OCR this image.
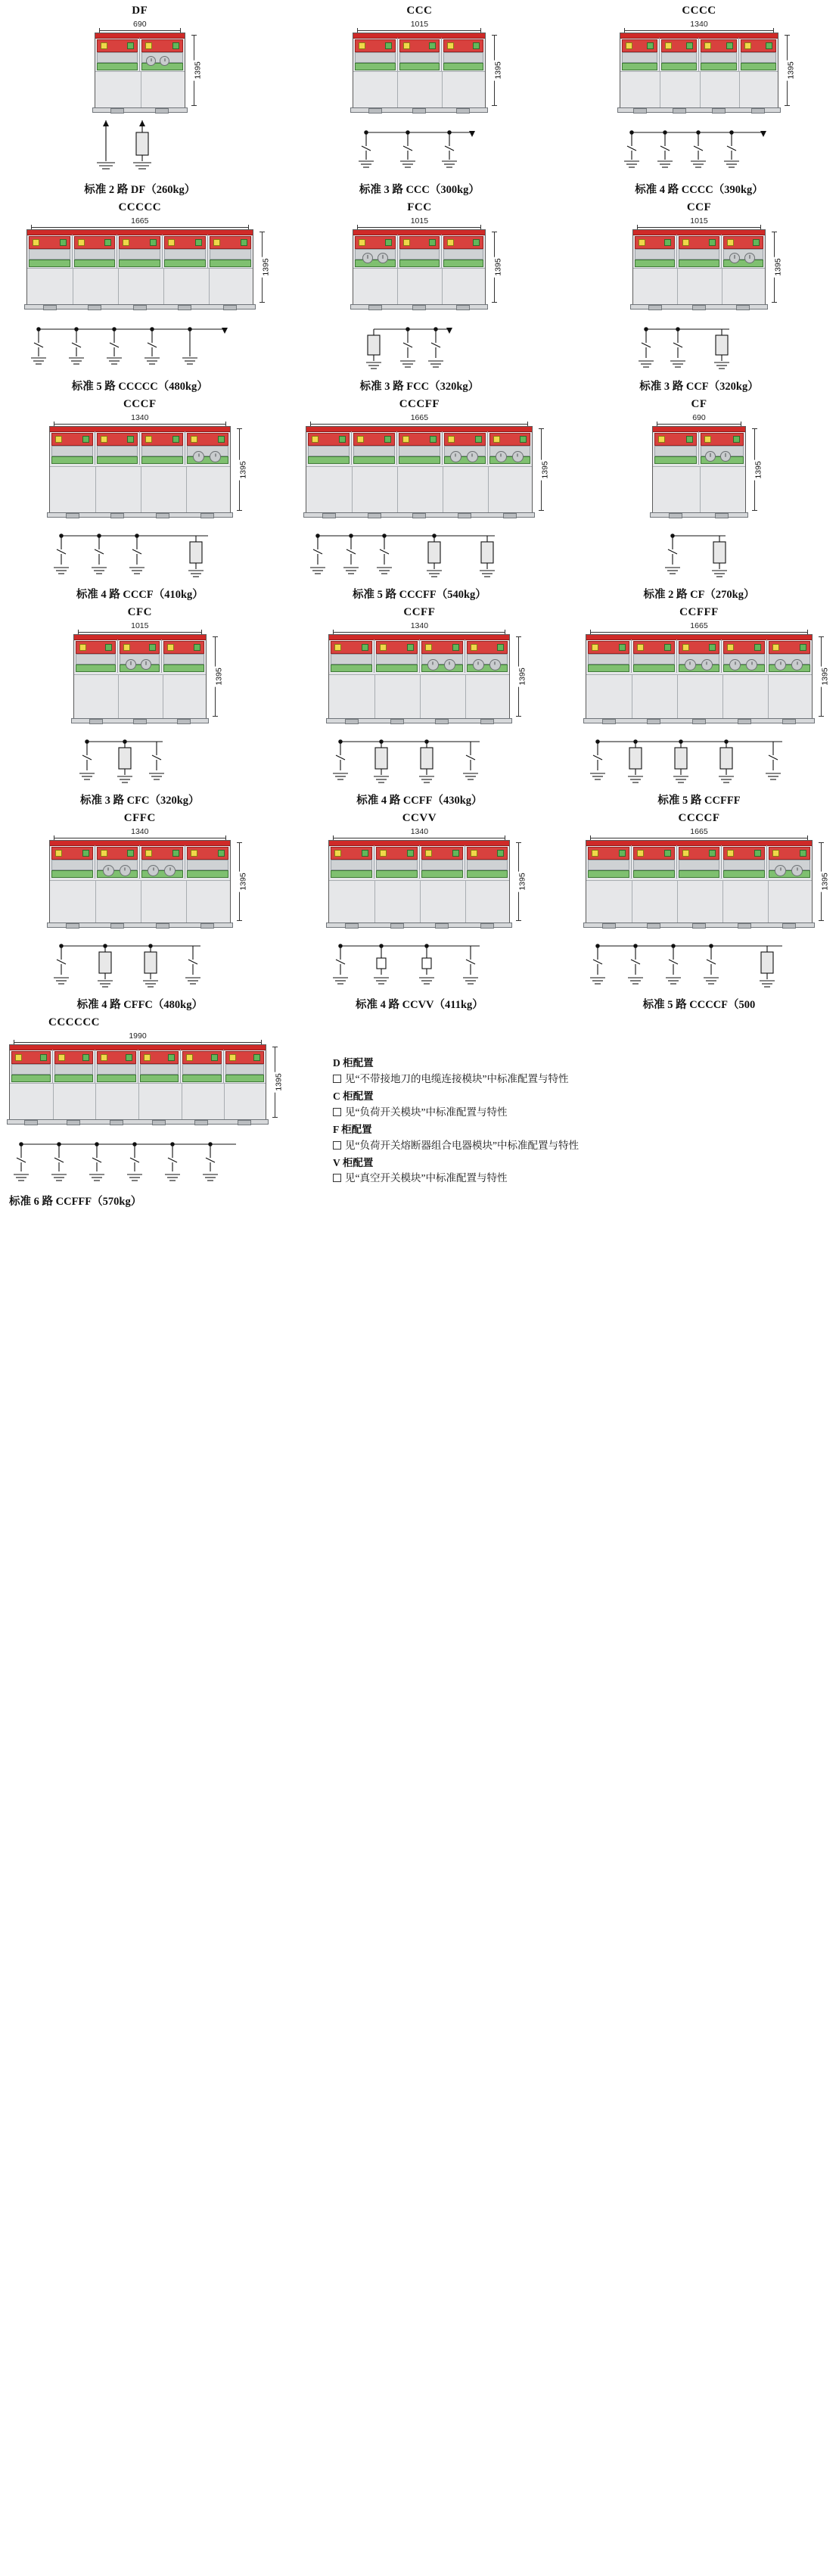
DF
690
1395
标准 2 路 DF（260kg）
CCC
1015
1395
标准 3 路 CCC（300kg）
CCCC
1340
1395
标准 4 路 CCCC（390kg）
CCCCC
1665
1395
标准 5 路 CCCCC（480kg）
FCC
1015
1395
标准 3 路 FCC（320kg）
CCF
1015
1395
标准 3 路 CCF（320kg）
CCCF
1340
1395
标准 4 路 CCCF（410kg）
CCCFF
1665
1395
标准 5 路 CCCFF（540kg）
CF
690
1395
标准 2 路 CF（270kg）
CFC
1015
1395
标准 3 路 CFC（320kg）
CCFF
1340
1395
标准 4 路 CCFF（430kg）
CCFFF
1665
1395
标准 5 路 CCFFF
CFFC
1340
1395
标准 4 路 CFFC（480kg）
CCVV
1340
1395
标准 4 路 CCVV（411kg）
CCCCF
1665
1395
标准 5 路 CCCCF（500
CCCCCC
1990
1395
标准 6 路 CCFFF（570kg）
D 柜配置
见“不带接地刀的电缆连接模块”中标准配置与特性
C 柜配置
见“负荷开关模块”中标准配置与特性
F 柜配置
见“负荷开关熔断器组合电器模块”中标准配置与特性
V 柜配置
见“真空开关模块”中标准配置与特性
